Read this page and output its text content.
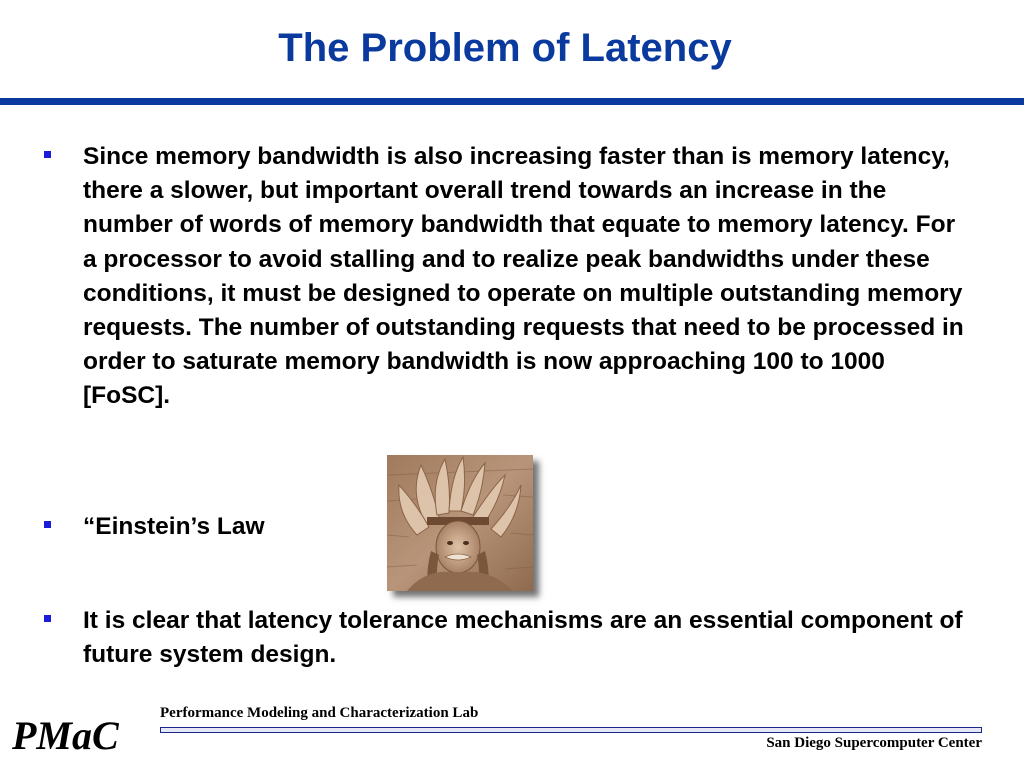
The Problem of Latency
Since memory bandwidth is also increasing faster than is memory latency, there a slower, but important overall trend towards an increase in the number of words of memory bandwidth that equate to memory latency. For a processor to avoid stalling and to realize peak bandwidths under these conditions, it must be designed to operate on multiple outstanding memory requests. The number of outstanding requests that need to be processed in order to saturate memory bandwidth is now approaching 100 to 1000 [FoSC].
“Einstein’s Law
It is clear that latency tolerance mechanisms are an essential component of future system design.
Performance Modeling and Characterization Lab
San Diego Supercomputer Center
PMaC
